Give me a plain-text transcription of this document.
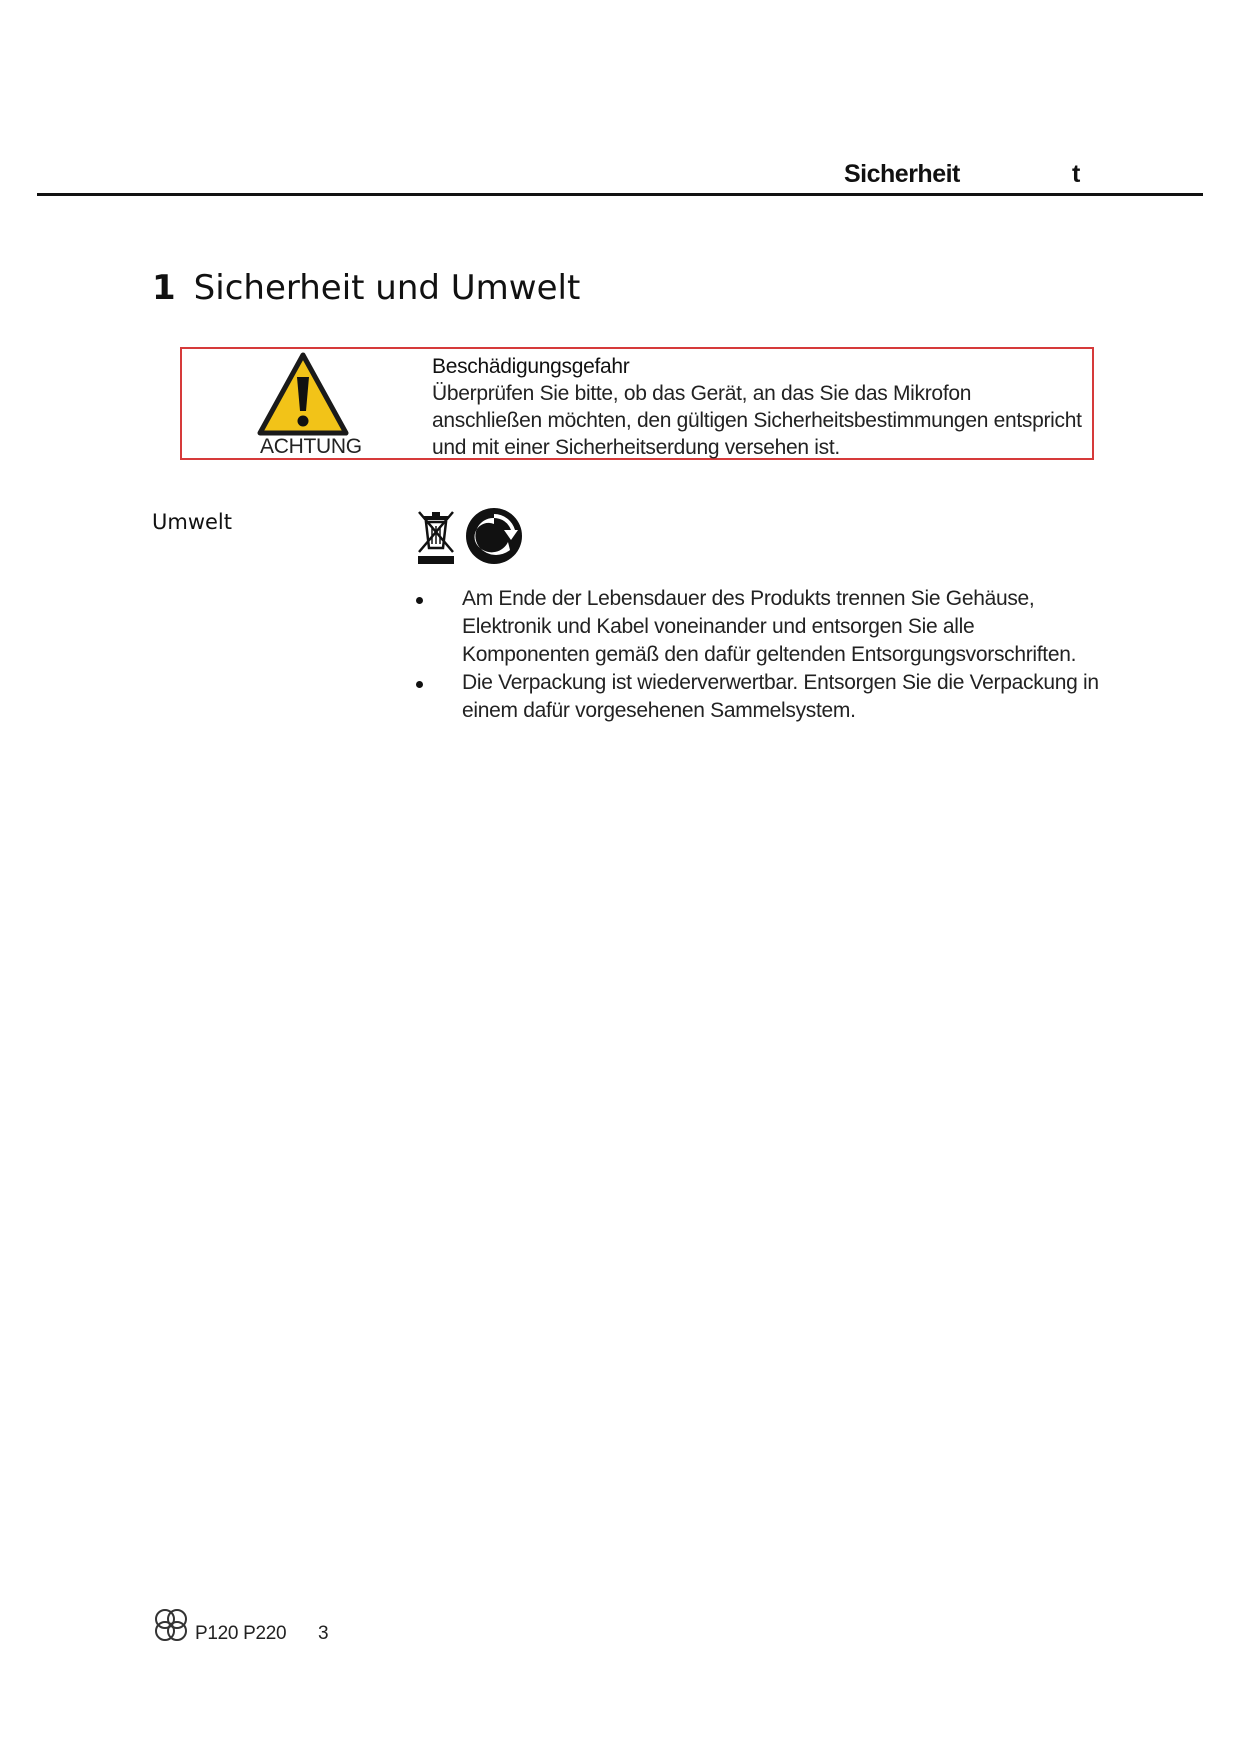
Sicherheit	t
1 Sicherheit und Umwelt
ACHTUNG
Beschädigungsgefahr
Überprüfen Sie bitte, ob das Gerät, an das Sie das Mikrofon anschließen möchten, den gültigen Sicherheitsbestimmungen entspricht und mit einer Sicherheitserdung versehen ist.
Umwelt

Am Ende der Lebensdauer des Produkts trennen Sie Gehäuse, Elektronik und Kabel voneinander und entsorgen Sie alle Komponenten gemäß den dafür geltenden Entsorgungsvorschriften.
Die Verpackung ist wiederverwertbar. Entsorgen Sie die Verpackung in einem dafür vorgesehenen Sammelsystem.
P120 P220 3
